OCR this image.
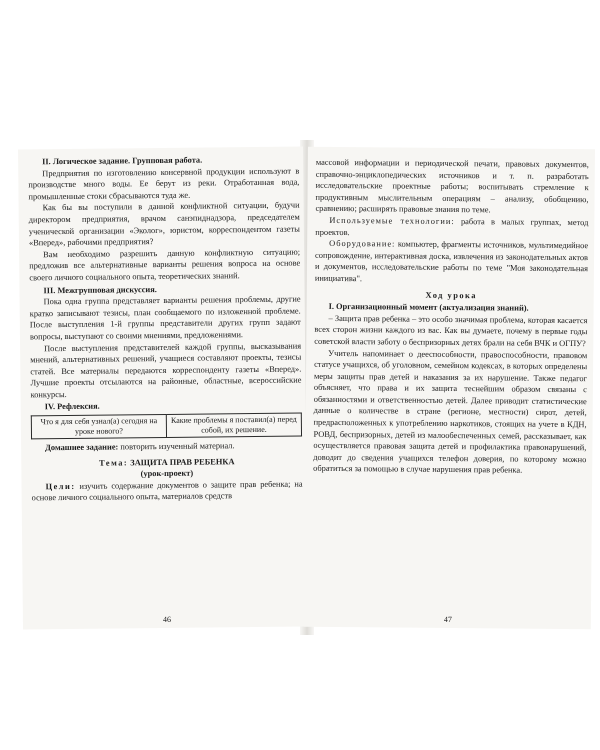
II. Логическое задание. Групповая работа.

Предприятия по изготовлению консервной продукции используют в производстве много воды. Ее берут из реки. Отработанная вода, промышленные стоки сбрасываются туда же.

Как бы вы поступили в данной конфликтной ситуации, будучи директором предприятия, врачом санэпиднадзора, председателем ученической организации «Эколог», юристом, корреспондентом газеты «Вперед», рабочими предприятия?

Вам необходимо разрешить данную конфликтную ситуацию; предложив все альтернативные варианты решения вопроса на основе своего личного социального опыта, теоретических знаний.

III. Межгрупповая дискуссия.

Пока одна группа представляет варианты решения проблемы, другие кратко записывают тезисы, план сообщаемого по изложенной проблеме. После выступления 1-й группы представители других групп задают вопросы, выступают со своими мнениями, предложениями.

После выступления представителей каждой группы, высказывания мнений, альтернативных решений, учащиеся составляют проекты, тезисы статей. Все материалы передаются корреспонденту газеты «Вперед». Лучшие проекты отсылаются на районные, областные, всероссийские конкурсы.

IV. Рефлексия.

Что я для себя узнал(а) сегодня на уроке нового?	Какие проблемы я поставил(а) перед собой, их решение.

Домашнее задание: повторить изученный материал.

Тема: ЗАЩИТА ПРАВ РЕБЕНКА

(урок-проект)

Цели: изучить содержание документов о защите прав ребенка; на основе личного социального опыта, материалов средств

46

массовой информации и периодической печати, правовых документов, справочно-энциклопедических источников и т. п. разработать исследовательские проектные работы; воспитывать стремление к продуктивным мыслительным операциям – анализу, обобщению, сравнению; расширять правовые знания по теме.

Используемые технологии: работа в малых группах, метод проектов.

Оборудование: компьютер, фрагменты источников, мультимедийное сопровождение, интерактивная доска, извлечения из законодательных актов и документов, исследовательские работы по теме "Моя законодательная инициатива".

Ход урока

I. Организационный момент (актуализация знаний).

– Защита прав ребенка – это особо значимая проблема, которая касается всех сторон жизни каждого из вас. Как вы думаете, почему в первые годы советской власти заботу о беспризорных детях брали на себя ВЧК и ОГПУ?

Учитель напоминает о дееспособности, правоспособности, правовом статусе учащихся, об уголовном, семейном кодексах, в которых определены меры защиты прав детей и наказания за их нарушение. Также педагог объясняет, что права и их защита теснейшим образом связаны с обязанностями и ответственностью детей. Далее приводит статистические данные о количестве в стране (регионе, местности) сирот, детей, предрасположенных к употреблению наркотиков, стоящих на учете в КДН, РОВД, беспризорных, детей из малообеспеченных семей, рассказывает, как осуществляется правовая защита детей и профилактика правонарушений, доводит до сведения учащихся телефон доверия, по которому можно обратиться за помощью в случае нарушения прав ребенка.

47
